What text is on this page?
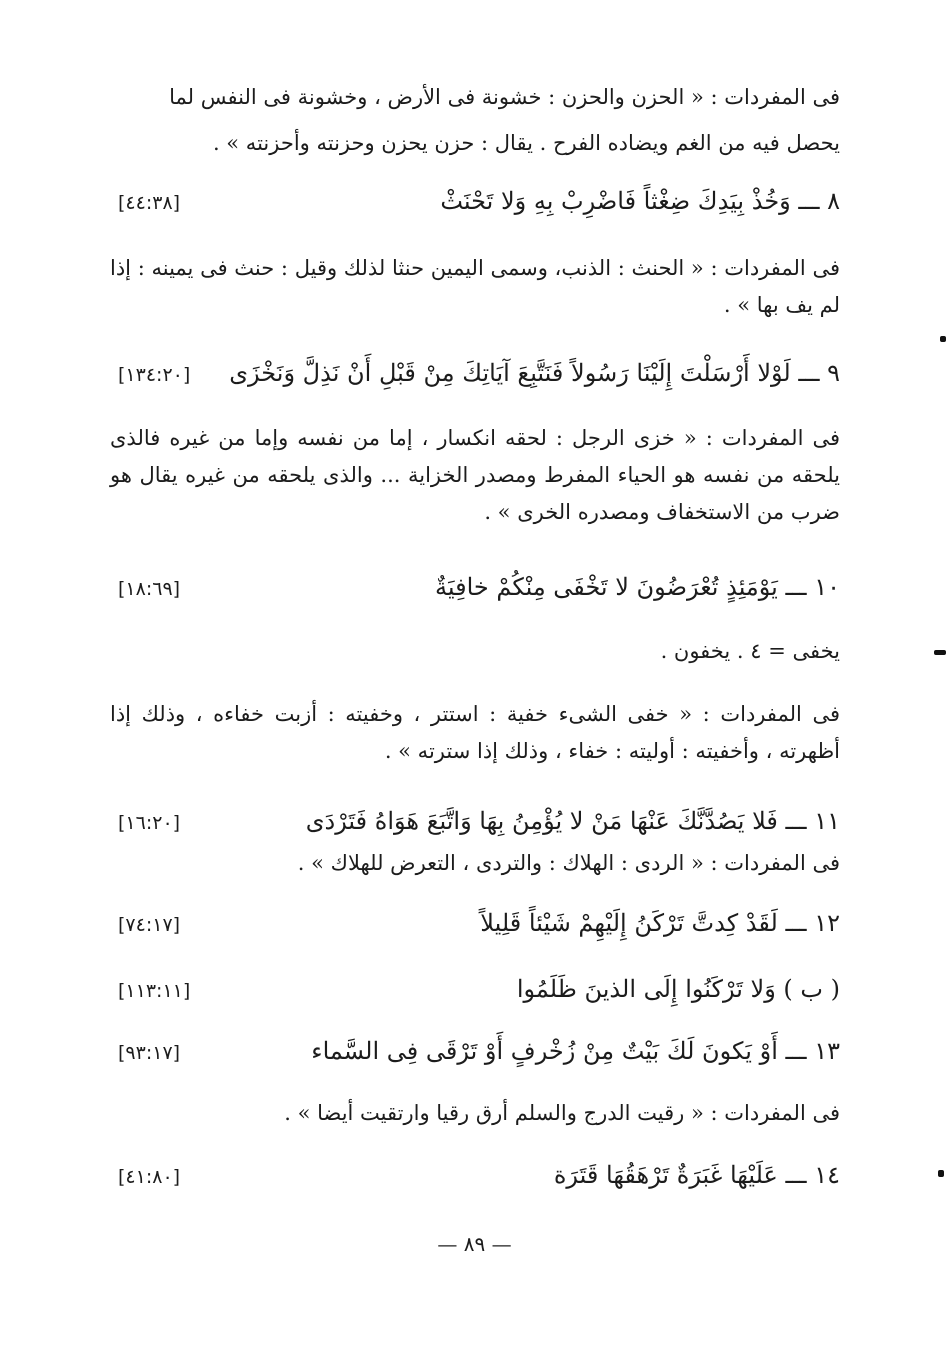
فى المفردات : « الحزن والحزن : خشونة فى الأرض ، وخشونة فى النفس لما
يحصل فيه من الغم ويضاده الفرح . يقال : حزن يحزن وحزنته وأحزنته » .
٨ ـــ وَخُذْ بِيَدِكَ ضِغْثاً فَاضْرِبْ بِهِ وَلا تَحْنَثْ
[٤٤:٣٨]
فى المفردات : « الحنث : الذنب، وسمى اليمين حنثا لذلك وقيل : حنث فى يمينه : إذا لم يف بها » .
٩ ـــ لَوْلا أَرْسَلْتَ إِلَيْنَا رَسُولاً فَنَتَّبِعَ آيَاتِكَ مِنْ قَبْلِ أَنْ نَذِلَّ وَنَخْزَى
[١٣٤:٢٠]
فى المفردات : « خزى الرجل : لحقه انكسار ، إما من نفسه وإما من غيره فالذى يلحقه من نفسه هو الحياء المفرط ومصدر الخزاية ... والذى يلحقه من غيره يقال هو ضرب من الاستخفاف ومصدره الخرى » .
١٠ ـــ يَوْمَئِذٍ تُعْرَضُونَ لا تَخْفَى مِنْكُمْ خافِيَةٌ
[١٨:٦٩]
يخفى = ٤ . يخفون .
فى المفردات : « خفى الشىء خفية : استتر ، وخفيته : أزبت خفاءه ، وذلك إذا أظهرته ، وأخفيته : أوليته : خفاء ، وذلك إذا سترته » .
١١ ـــ فَلا يَصُدَّنَّكَ عَنْهَا مَنْ لا يُؤْمِنُ بِهَا وَاتَّبَعَ هَوَاهُ فَتَرْدَى
[١٦:٢٠]
فى المفردات : « الردى : الهلاك : والتردى ، التعرض للهلاك » .
١٢ ـــ لَقَدْ كِدتَّ تَرْكَنُ إِلَيْهِمْ شَيْئاً قَلِيلاً
[٧٤:١٧]
( ب ) وَلا تَرْكَنُوا إِلَى الذينَ ظَلَمُوا
[١١٣:١١]
١٣ ـــ أَوْ يَكونَ لَكَ بَيْتٌ مِنْ زُخْرفٍ أَوْ تَرْقَى فِى السَّماء
[٩٣:١٧]
فى المفردات : « رقيت الدرج والسلم أرق رقيا وارتقيت أيضا » .
١٤ ـــ عَلَيْهَا غَبَرَةٌ تَرْهَقُهَا قَتَرَة
[٤١:٨٠]
— ٨٩ —
